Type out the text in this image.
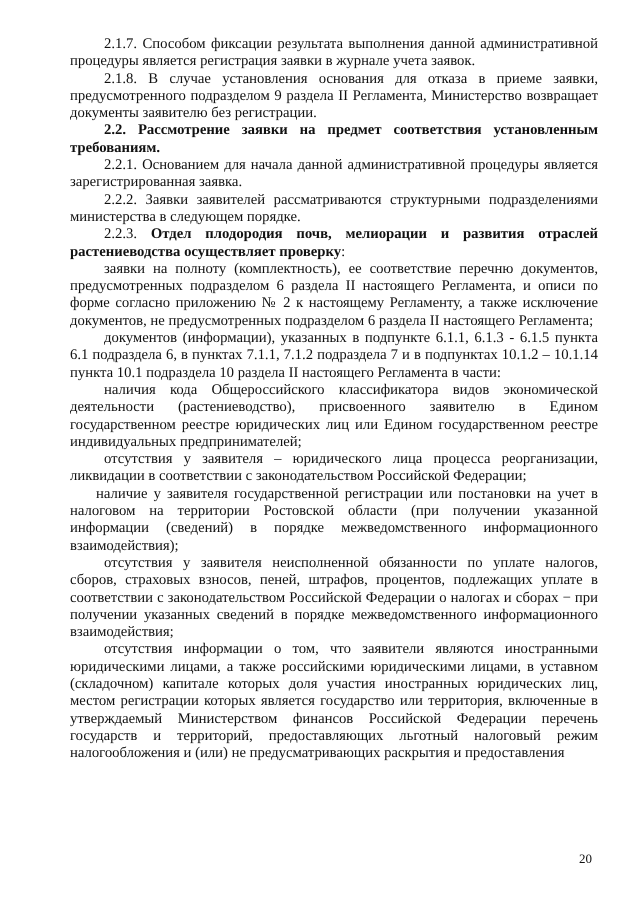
2.1.7. Способом фиксации результата выполнения данной административной процедуры является регистрация заявки в журнале учета заявок.

2.1.8. В случае установления основания для отказа в приеме заявки, предусмотренного подразделом 9 раздела II Регламента, Министерство возвращает документы заявителю без регистрации.

2.2. Рассмотрение заявки на предмет соответствия установленным требованиям.

2.2.1. Основанием для начала данной административной процедуры является зарегистрированная заявка.

2.2.2. Заявки заявителей рассматриваются структурными подразделениями министерства в следующем порядке.

2.2.3. Отдел плодородия почв, мелиорации и развития отраслей растениеводства осуществляет проверку:

заявки на полноту (комплектность), ее соответствие перечню документов, предусмотренных подразделом 6 раздела II настоящего Регламента, и описи по форме согласно приложению № 2 к настоящему Регламенту, а также исключение документов, не предусмотренных подразделом 6 раздела II настоящего Регламента;

документов (информации), указанных в подпункте 6.1.1, 6.1.3 - 6.1.5 пункта 6.1 подраздела 6, в пунктах 7.1.1, 7.1.2 подраздела 7 и в подпунктах 10.1.2 – 10.1.14 пункта 10.1 подраздела 10 раздела II настоящего Регламента в части:

наличия кода Общероссийского классификатора видов экономической деятельности (растениеводство), присвоенного заявителю в Едином государственном реестре юридических лиц или Едином государственном реестре индивидуальных предпринимателей;

отсутствия у заявителя – юридического лица процесса реорганизации, ликвидации в соответствии с законодательством Российской Федерации;

наличие у заявителя государственной регистрации или постановки на учет в налоговом на территории Ростовской области (при получении указанной информации (сведений) в порядке межведомственного информационного взаимодействия);

отсутствия у заявителя неисполненной обязанности по уплате налогов, сборов, страховых взносов, пеней, штрафов, процентов, подлежащих уплате в соответствии с законодательством Российской Федерации о налогах и сборах − при получении указанных сведений в порядке межведомственного информационного взаимодействия;

отсутствия информации о том, что заявители являются иностранными юридическими лицами, а также российскими юридическими лицами, в уставном (складочном) капитале которых доля участия иностранных юридических лиц, местом регистрации которых является государство или территория, включенные в утверждаемый Министерством финансов Российской Федерации перечень государств и территорий, предоставляющих льготный налоговый режим налогообложения и (или) не предусматривающих раскрытия и предоставления

20
